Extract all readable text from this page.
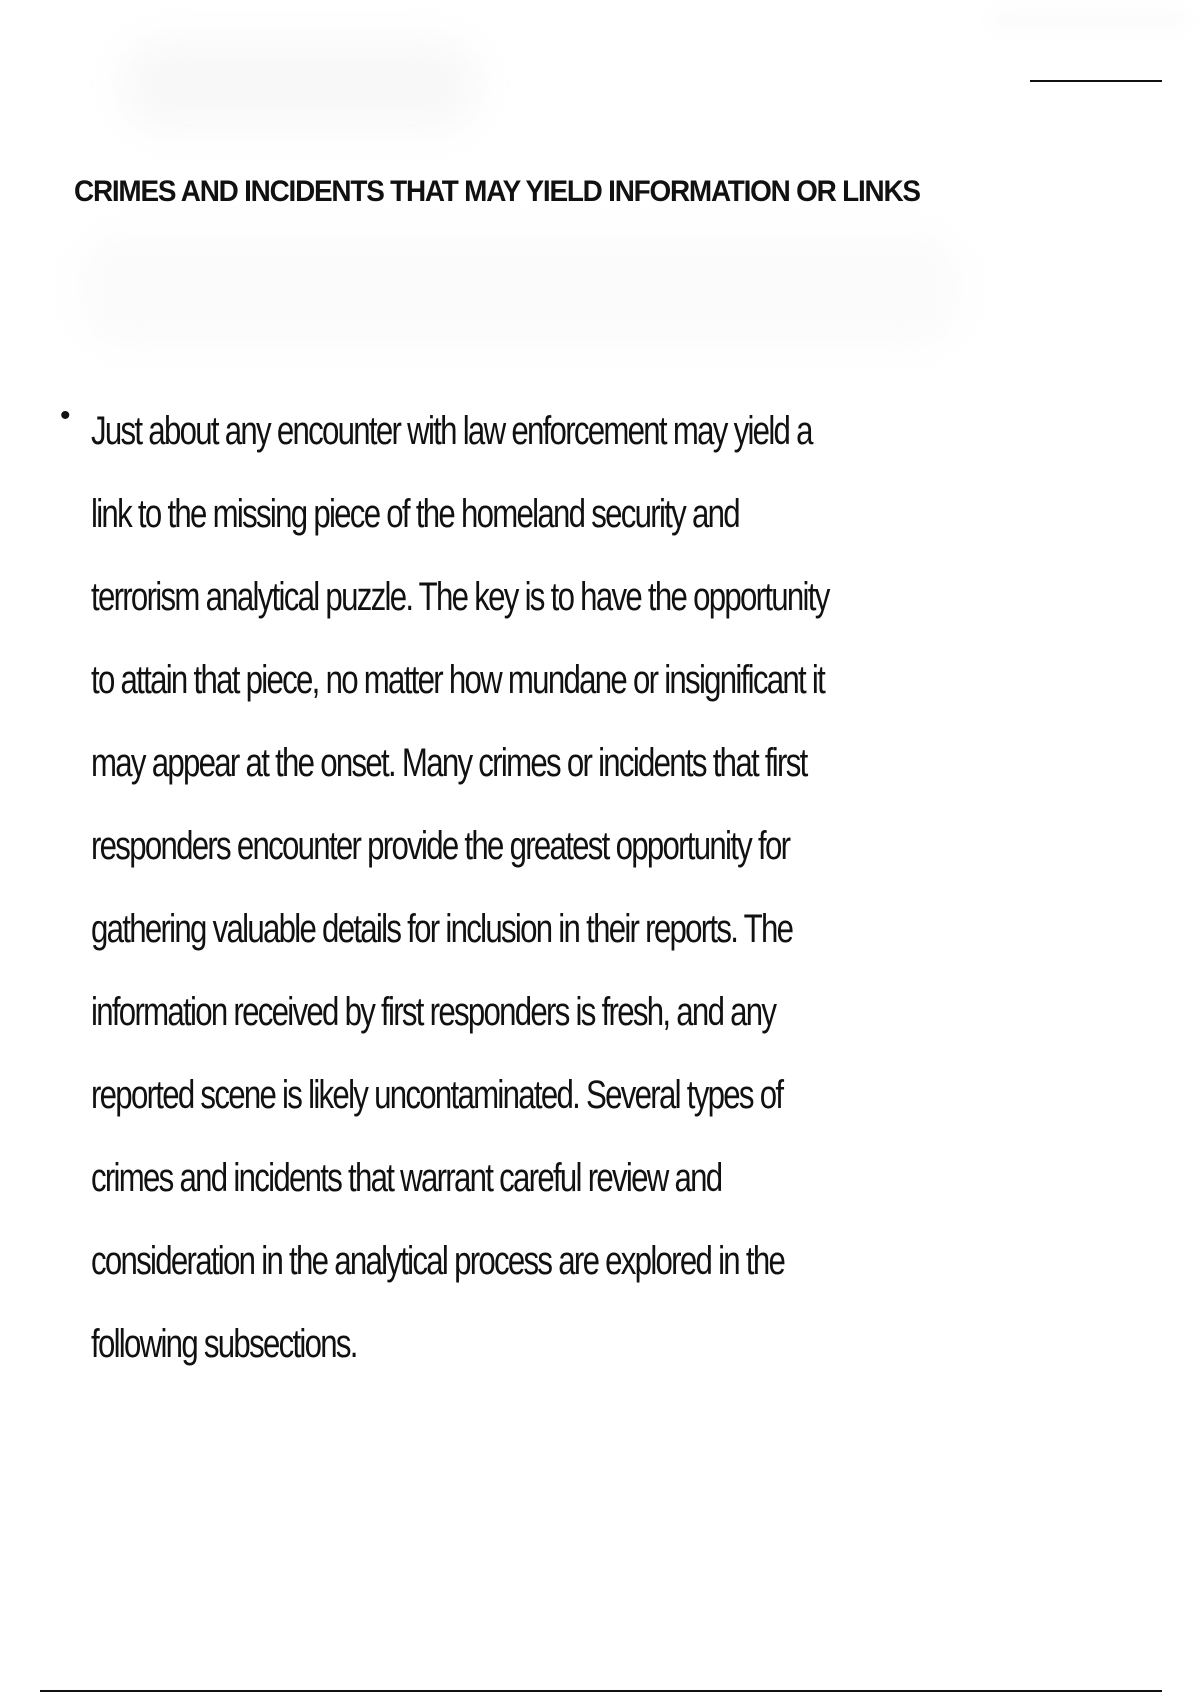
CRIMES AND INCIDENTS THAT MAY YIELD INFORMATION OR LINKS
• Just about any encounter with law enforcement may yield a
link to the missing piece of the homeland security and
terrorism analytical puzzle. The key is to have the opportunity
to attain that piece, no matter how mundane or insignificant it
may appear at the onset. Many crimes or incidents that first
responders encounter provide the greatest opportunity for
gathering valuable details for inclusion in their reports. The
information received by first responders is fresh, and any
reported scene is likely uncontaminated. Several types of
crimes and incidents that warrant careful review and
consideration in the analytical process are explored in the
following subsections.
